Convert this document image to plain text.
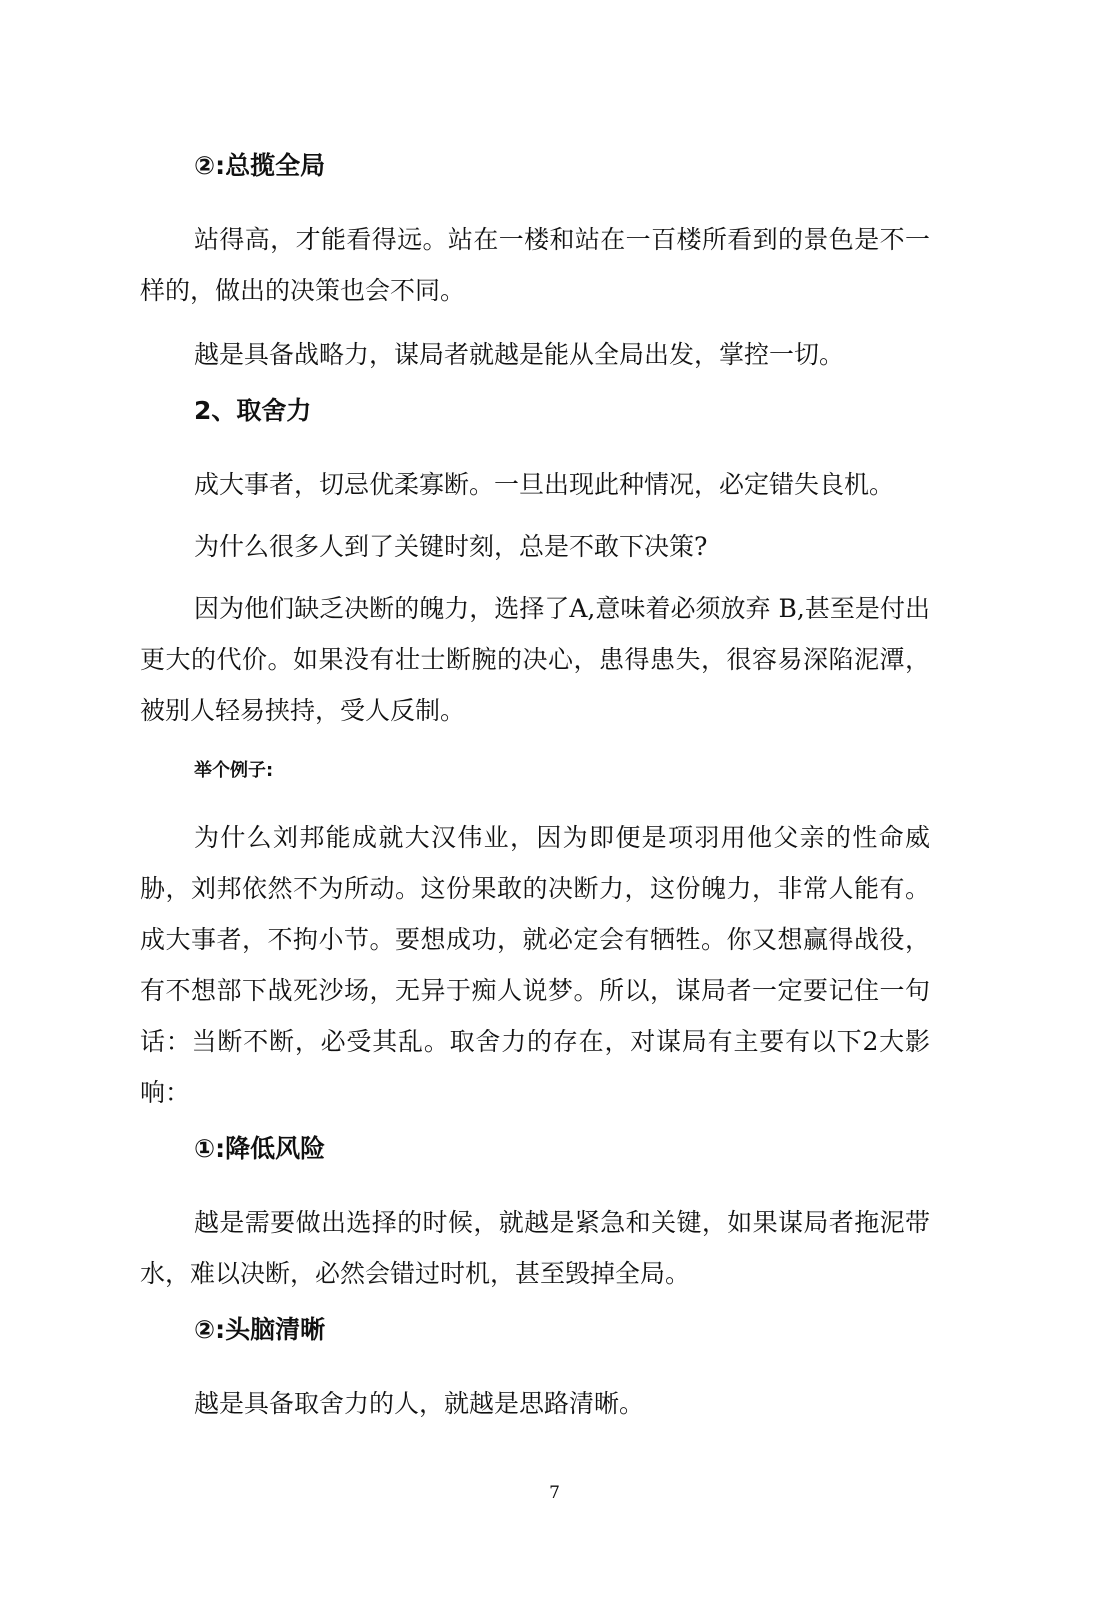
②:总揽全局

站得高，才能看得远。站在一楼和站在一百楼所看到的景色是不一样的，做出的决策也会不同。

越是具备战略力，谋局者就越是能从全局出发，掌控一切。

2、取舍力

成大事者，切忌优柔寡断。一旦出现此种情况，必定错失良机。

为什么很多人到了关键时刻，总是不敢下决策?

因为他们缺乏决断的魄力，选择了A,意味着必须放弃 B,甚至是付出更大的代价。如果没有壮士断腕的决心，患得患失，很容易深陷泥潭，被别人轻易挟持，受人反制。

举个例子:

为什么刘邦能成就大汉伟业，因为即便是项羽用他父亲的性命威胁，刘邦依然不为所动。这份果敢的决断力，这份魄力，非常人能有。成大事者，不拘小节。要想成功，就必定会有牺牲。你又想赢得战役，有不想部下战死沙场，无异于痴人说梦。所以，谋局者一定要记住一句话：当断不断，必受其乱。取舍力的存在，对谋局有主要有以下2大影响：

①:降低风险

越是需要做出选择的时候，就越是紧急和关键，如果谋局者拖泥带水，难以决断，必然会错过时机，甚至毁掉全局。

②:头脑清晰

越是具备取舍力的人，就越是思路清晰。

7
